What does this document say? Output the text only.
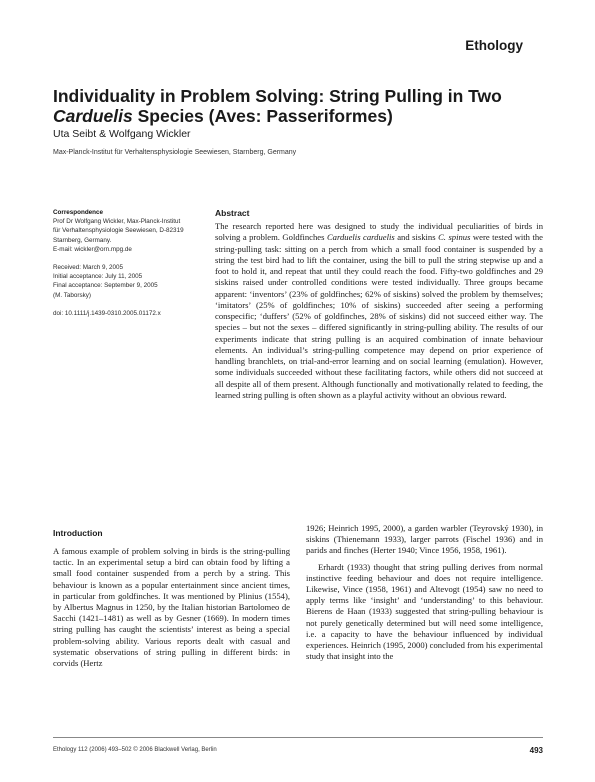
Ethology
Individuality in Problem Solving: String Pulling in Two Carduelis Species (Aves: Passeriformes)
Uta Seibt & Wolfgang Wickler
Max-Planck-Institut für Verhaltensphysiologie Seewiesen, Starnberg, Germany
Correspondence
Prof Dr Wolfgang Wickler, Max-Planck-Institut
für Verhaltensphysiologie Seewiesen, D-82319
Starnberg, Germany.
E-mail: wickler@orn.mpg.de
Received: March 9, 2005
Initial acceptance: July 11, 2005
Final acceptance: September 9, 2005
(M. Taborsky)
doi: 10.1111/j.1439-0310.2005.01172.x
Abstract
The research reported here was designed to study the individual peculiarities of birds in solving a problem. Goldfinches Carduelis carduelis and siskins C. spinus were tested with the string-pulling task: sitting on a perch from which a small food container is suspended by a string the test bird had to lift the container, using the bill to pull the string stepwise up and a foot to hold it, and repeat that until they could reach the food. Fifty-two goldfinches and 29 siskins raised under controlled conditions were tested individually. Three groups became apparent: ‘inventors’ (23% of goldfinches; 62% of siskins) solved the problem by themselves; ‘imitators’ (25% of goldfinches; 10% of siskins) succeeded after seeing a performing conspecific; ‘duffers’ (52% of goldfinches, 28% of siskins) did not succeed either way. The species – but not the sexes – differed significantly in string-pulling ability. The results of our experiments indicate that string pulling is an acquired combination of innate behaviour elements. An individual’s string-pulling competence may depend on prior experience of handling branchlets, on trial-and-error learning and on social learning (emulation). However, some individuals succeeded without these facilitating factors, while others did not succeed at all despite all of them present. Although functionally and motivationally related to feeding, the learned string pulling is often shown as a playful activity without an obvious reward.
Introduction

A famous example of problem solving in birds is the string-pulling tactic. In an experimental setup a bird can obtain food by lifting a small food container suspended from a perch by a string. This behaviour is known as a popular entertainment since ancient times, in particular from goldfinches. It was mentioned by Plinius (1554), by Albertus Magnus in 1250, by the Italian historian Bartolomeo de Sacchi (1421–1481) as well as by Gesner (1669). In modern times string pulling has caught the scientists’ interest as being a special problem-solving ability. Various reports dealt with casual and systematic observations of string pulling in different birds: in corvids (Hertz

1926; Heinrich 1995, 2000), a garden warbler (Teyrovský 1930), in siskins (Thienemann 1933), larger parrots (Fischel 1936) and in parids and finches (Herter 1940; Vince 1956, 1958, 1961).

Erhardt (1933) thought that string pulling derives from normal instinctive feeding behaviour and does not require intelligence. Likewise, Vince (1958, 1961) and Altevogt (1954) saw no need to apply terms like ‘insight’ and ‘understanding’ to this behaviour. Bierens de Haan (1933) suggested that string-pulling behaviour is not purely genetically determined but will need some intelligence, i.e. a capacity to have the behaviour influenced by individual experiences. Heinrich (1995, 2000) concluded from his experimental study that insight into the

Ethology 112 (2006) 493–502 © 2006 Blackwell Verlag, Berlin	493
